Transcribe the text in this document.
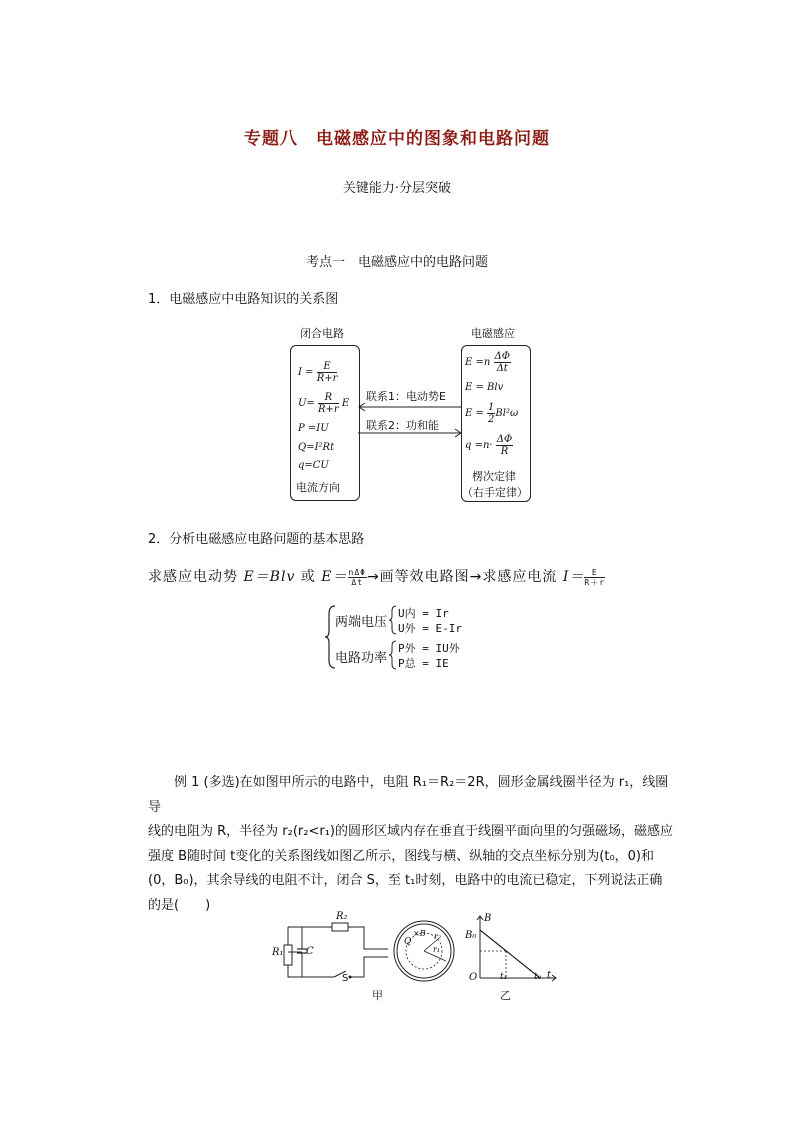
专题八　电磁感应中的图象和电路问题
关键能力·分层突破
考点一　电磁感应中的电路问题
1．电磁感应中电路知识的关系图
闭合电路	电磁感应
$I = \frac{E}{R+r}$
$U= \frac{R}{R+r}$ E
P =IU
Q=I²Rt
q=CU
电流方向
$E =n \frac{\Delta\Phi}{\Delta t}$
E = Blv
$E = \frac{1}{2} Bl^2\omega$
$q =n\cdot \frac{\Delta\Phi}{R}$
楞次定律
（右手定律）
联系1：电动势E
联系2：功和能
2．分析电磁感应电路问题的基本思路
求感应电动势 E＝Blv 或 $E= \frac{\text{nΔΦ}}{\Delta t}$ →画等效电路图→求感应电流 $I= \frac{E}{R+r}$
两端电压
U内 = Ir
U外 = E-Ir
电路功率
P外 = IU外
P总 = IE
例 1 (多选)在如图甲所示的电路中，电阻 R₁＝R₂＝2R，圆形金属线圈半径为 r₁，线圈导
线的电阻为 R，半径为 r₂(r₂<r₁)的圆形区域内存在垂直于线圈平面向里的匀强磁场，磁感应
强度 B随时间 t变化的关系图线如图乙所示，图线与横、纵轴的交点坐标分别为(t₀，0)和
(0，B₀)，其余导线的电阻不计，闭合 S，至 t₁时刻，电路中的电流已稳定，下列说法正确
的是(　　)
R₂
R₁ C
S
甲
Q
×B r₂
r₁
B
B₀
O	t₁	t₀ t
乙
